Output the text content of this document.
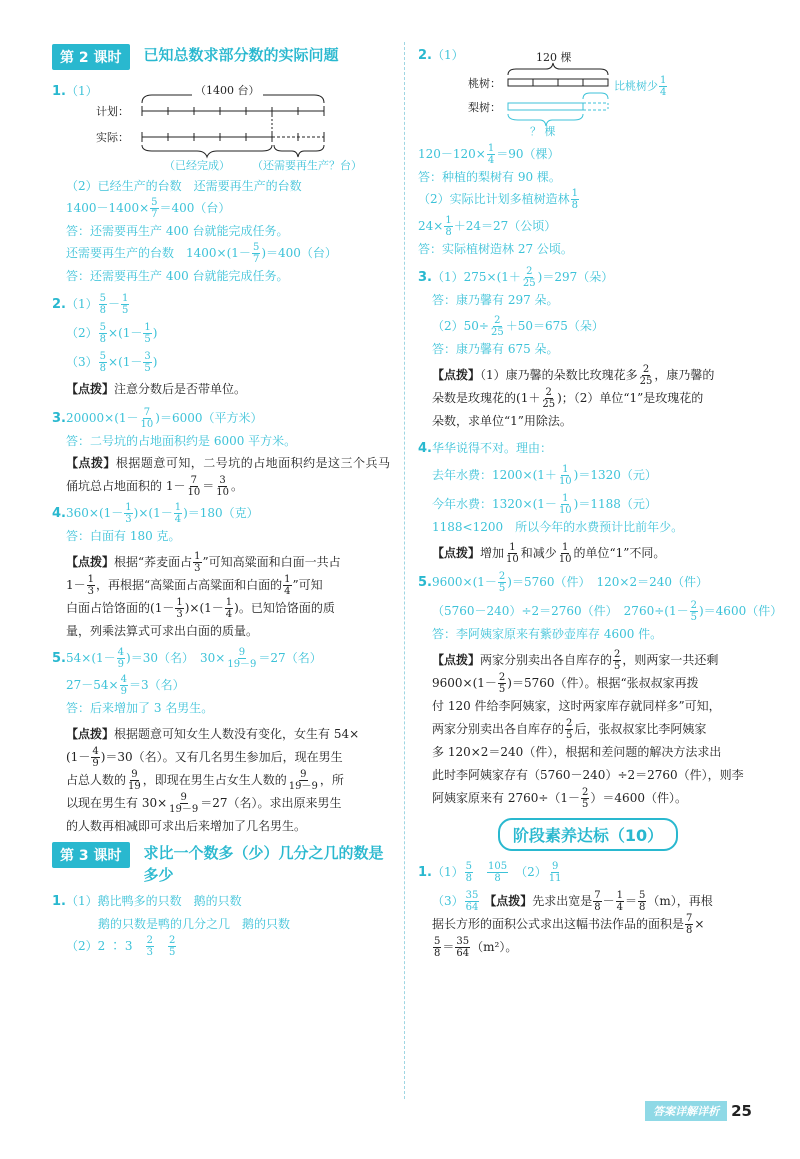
第 2 课时	已知总数求部分数的实际问题
1.（1）
计划：
实际：
（1400 台）
（已经完成） （还需要再生产？台）
（2）已经生产的台数　还需要再生产的台数
$1400-1400\times \frac{5}{7} =400$（台）
答：还需要再生产 400 台就能完成任务。
还需要再生产的台数　$1400\times(1- \frac{5}{7} )=400$（台）
答：还需要再生产 400 台就能完成任务。
$2.(1) \frac{5}{8} - \frac{1}{5}$
$(2) \frac{5}{8} \times(1- \frac{1}{5}$ )
$(3) \frac{5}{8} \times(1- \frac{3}{5}$ )
【点拨】注意分数后是否带单位。
$3.20000\times(1- \frac{7}{10} )=6000$（平方米）
答：二号坑的占地面积约是 6000 平方米。
【点拨】根据题意可知，二号坑的占地面积约是这三个兵马俑坑总占地面积的 $1- \frac{7}{10} = \frac{3}{10}$ 。
$4.360\times(1- \frac{1}{3} )\times(1- \frac{1}{4} )=180$（克）
答：白面有 180 克。
【点拨】根据“荞麦面占 $\frac{1}{3}$ ”可知高粱面和白面一共占
$1- \frac{1}{3}$ ，再根据“高粱面占高粱面和白面的 $\frac{1}{4}$ ”可知
白面占饸饹面的$(1- \frac{1}{3} )\times(1- \frac{1}{4}$ )。已知饸饹面的质
量，列乘法算式可求出白面的质量。
$5.54\times(1- \frac{4}{9} )=30$（名）　 $30\times \frac{9}{19-9} =27$（名）
$27-54\times \frac{4}{9} =3$（名）
答：后来增加了 3 名男生。
【点拨】根据题意可知女生人数没有变化，女生有 54×
$(1- \frac{4}{9} )=30$（名）。又有几名男生参加后，现在男生
占总人数的 $\frac{9}{19}$ ，即现在男生占女生人数的 $\frac{9}{19-9}$ ，所
以现在男生有 $30\times \frac{9}{19-9} =27$（名）。求出原来男生
的人数再相减即可求出后来增加了几名男生。
第 3 课时	求比一个数多（少）几分之几的数是多少
1.（1）鹅比鸭多的只数　鹅的只数
鹅的只数是鸭的几分之几　鹅的只数
（2）2 ∶ 3　 $\frac{2}{3}$
　 $\frac{2}{5}$
2.（1）	120 棵
桃树：
梨树：
比桃树少 $\frac{1}{4}$
？ 棵
$120-120\times \frac{1}{4} =90$（棵）
答：种植的梨树有 90 棵。
（2）实际比计划多植树造林 $\frac{1}{8}$
$24\times \frac{1}{8} +24=27$（公顷）
答：实际植树造林 27 公顷。
$3.(1)275\times(1+ \frac{2}{25} )=297$（朵）
答：康乃馨有 297 朵。
$(2)50\div \frac{2}{25} +50=675$（朵）
答：康乃馨有 675 朵。
【点拨】（1）康乃馨的朵数比玫瑰花多 $\frac{2}{25}$ ，康乃馨的
朵数是玫瑰花的($1+ \frac{2}{25}$ )；（2）单位“1”是玫瑰花的
朵数，求单位“1”用除法。
4.华华说得不对。理由：
去年水费：$1200\times(1+ \frac{1}{10} )=1320$（元）
今年水费：$1320\times(1- \frac{1}{10} )=1188$（元）
1188<1200　所以今年的水费预计比前年少。
【点拨】增加 $\frac{1}{10}$ 和减少 $\frac{1}{10}$ 的单位“1”不同。
$5.9600\times(1- \frac{2}{5} )=5760$（件）　120×2＝240（件）
（5760－240）÷2＝2760（件）　$2760\div(1- \frac{2}{5} )=4600$（件）
答：李阿姨家原来有紫砂壶库存 4600 件。
【点拨】两家分别卖出各自库存的 $\frac{2}{5}$ ，则两家一共还剩
$9600\times(1- \frac{2}{5} )=5760$（件）。根据“张叔叔家再拨
付 120 件给李阿姨家，这时两家库存就同样多”可知，
两家分别卖出各自库存的 $\frac{2}{5}$ 后，张叔叔家比李阿姨家
多 120×2＝240（件），根据和差问题的解决方法求出
此时李阿姨家存有（5760－240）÷2＝2760（件），则李
阿姨家原来有 $2760\div(1- \frac{2}{5} )=4600$（件）。
阶段素养达标（10）
$1.(1) \frac{5}{8}$
　 $\frac{105}{8}$
　 $(2) \frac{9}{11}$
$(3) \frac{35}{64}$ 【点拨】先求出宽是 $\frac{7}{8} - \frac{1}{4} = \frac{5}{8} (m)$，再根
据长方形的面积公式求出这幅书法作品的面积是 $\frac{7}{8}$ ×

$\frac{5}{8} = \frac{35}{64} (m^2)$。
答案详解详析 25
